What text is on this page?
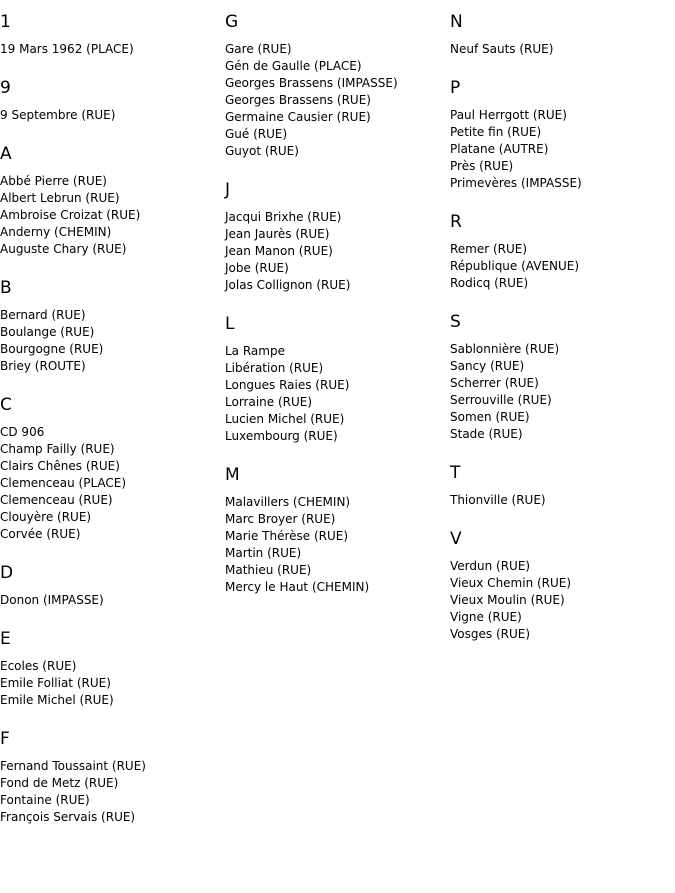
1
19 Mars 1962 (PLACE)
9
9 Septembre (RUE)
A
Abbé Pierre (RUE)
Albert Lebrun (RUE)
Ambroise Croizat (RUE)
Anderny (CHEMIN)
Auguste Chary (RUE)
B
Bernard (RUE)
Boulange (RUE)
Bourgogne (RUE)
Briey (ROUTE)
C
CD 906
Champ Failly (RUE)
Clairs Chênes (RUE)
Clemenceau (PLACE)
Clemenceau (RUE)
Clouyère (RUE)
Corvée (RUE)
D
Donon (IMPASSE)
E
Ecoles (RUE)
Emile Folliat (RUE)
Emile Michel (RUE)
F
Fernand Toussaint (RUE)
Fond de Metz (RUE)
Fontaine (RUE)
François Servais (RUE)
G
Gare (RUE)
Gén de Gaulle (PLACE)
Georges Brassens (IMPASSE)
Georges Brassens (RUE)
Germaine Causier (RUE)
Gué (RUE)
Guyot (RUE)
J
Jacqui Brixhe (RUE)
Jean Jaurès (RUE)
Jean Manon (RUE)
Jobe (RUE)
Jolas Collignon (RUE)
L
La Rampe
Libération (RUE)
Longues Raies (RUE)
Lorraine (RUE)
Lucien Michel (RUE)
Luxembourg (RUE)
M
Malavillers (CHEMIN)
Marc Broyer (RUE)
Marie Thérèse (RUE)
Martin (RUE)
Mathieu (RUE)
Mercy le Haut (CHEMIN)
N
Neuf Sauts (RUE)
P
Paul Herrgott (RUE)
Petite fin (RUE)
Platane (AUTRE)
Près (RUE)
Primevères (IMPASSE)
R
Remer (RUE)
République (AVENUE)
Rodicq (RUE)
S
Sablonnière (RUE)
Sancy (RUE)
Scherrer (RUE)
Serrouville (RUE)
Somen (RUE)
Stade (RUE)
T
Thionville (RUE)
V
Verdun (RUE)
Vieux Chemin (RUE)
Vieux Moulin (RUE)
Vigne (RUE)
Vosges (RUE)
